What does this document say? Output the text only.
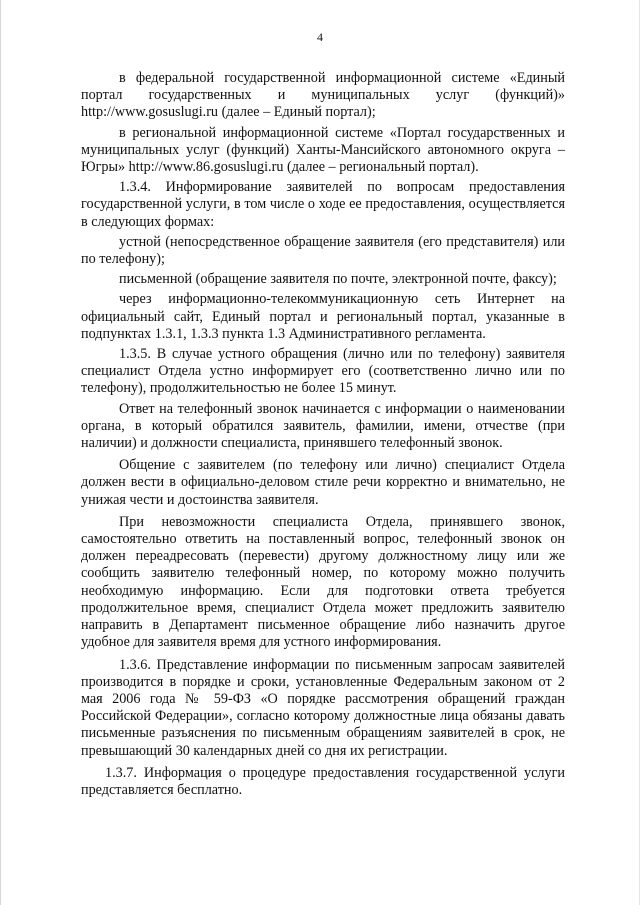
4

в федеральной государственной информационной системе «Единый портал государственных и муниципальных услуг (функций)» http://www.gosuslugi.ru (далее – Единый портал);

в региональной информационной системе «Портал государственных и муниципальных услуг (функций) Ханты-Мансийского автономного округа – Югры» http://www.86.gosuslugi.ru (далее – региональный портал).

1.3.4. Информирование заявителей по вопросам предоставления государственной услуги, в том числе о ходе ее предоставления, осуществляется в следующих формах:

устной (непосредственное обращение заявителя (его представителя) или по телефону);

письменной (обращение заявителя по почте, электронной почте, факсу);

через информационно-телекоммуникационную сеть Интернет на официальный сайт, Единый портал и региональный портал, указанные в подпунктах 1.3.1, 1.3.3 пункта 1.3 Административного регламента.

1.3.5. В случае устного обращения (лично или по телефону) заявителя специалист Отдела устно информирует его (соответственно лично или по телефону), продолжительностью не более 15 минут.

Ответ на телефонный звонок начинается с информации о наименовании органа, в который обратился заявитель, фамилии, имени, отчестве (при наличии) и должности специалиста, принявшего телефонный звонок.

Общение с заявителем (по телефону или лично) специалист Отдела должен вести в официально-деловом стиле речи корректно и внимательно, не унижая чести и достоинства заявителя.

При невозможности специалиста Отдела, принявшего звонок, самостоятельно ответить на поставленный вопрос, телефонный звонок он должен переадресовать (перевести) другому должностному лицу или же сообщить заявителю телефонный номер, по которому можно получить необходимую информацию. Если для подготовки ответа требуется продолжительное время, специалист Отдела может предложить заявителю направить в Департамент письменное обращение либо назначить другое удобное для заявителя время для устного информирования.

1.3.6. Представление информации по письменным запросам заявителей производится в порядке и сроки, установленные Федеральным законом от 2 мая 2006 года № 59-ФЗ «О порядке рассмотрения обращений граждан Российской Федерации», согласно которому должностные лица обязаны давать письменные разъяснения по письменным обращениям заявителей в срок, не превышающий 30 календарных дней со дня их регистрации.

1.3.7. Информация о процедуре предоставления государственной услуги представляется бесплатно.
